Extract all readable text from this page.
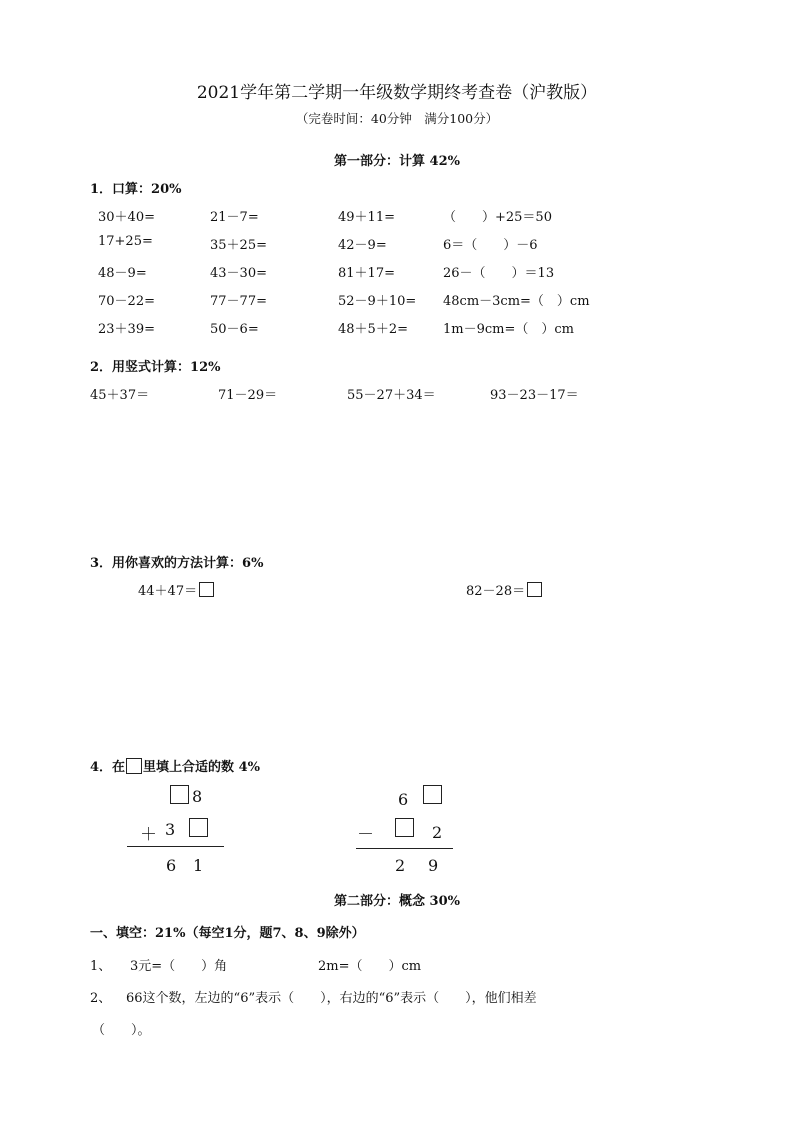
2021学年第二学期一年级数学期终考查卷（沪教版）
（完卷时间：40分钟　满分100分）
第一部分：计算 42%
1．口算：20%
30＋40=	21－7=	49＋11=	（　　）+25＝50
17+25=	35＋25=	42－9=	6＝（　　）－6
48－9=	43－30=	81＋17=	26－（　　）＝13
70－22=	77－77=	52－9＋10= 48cm－3cm=（　）cm
23＋39=	50－6=	48＋5＋2=	1m－9cm=（　）cm
2．用竖式计算：12%
45＋37＝	71－29＝	55－27＋34＝	93－23－17＝
3．用你喜欢的方法计算：6%
44＋47＝	82－28＝
4．在 里填上合适的数 4%
8
＋ 3
6 1
6
－	2
2 9
第二部分：概念 30%
一、填空：21%（每空1分，题7、8、9除外）
1、 3元=（　　）角	2m=（　　）cm
2、 66这个数，左边的“6”表示（　　），右边的“6”表示（　　），他们相差
（　　）。
